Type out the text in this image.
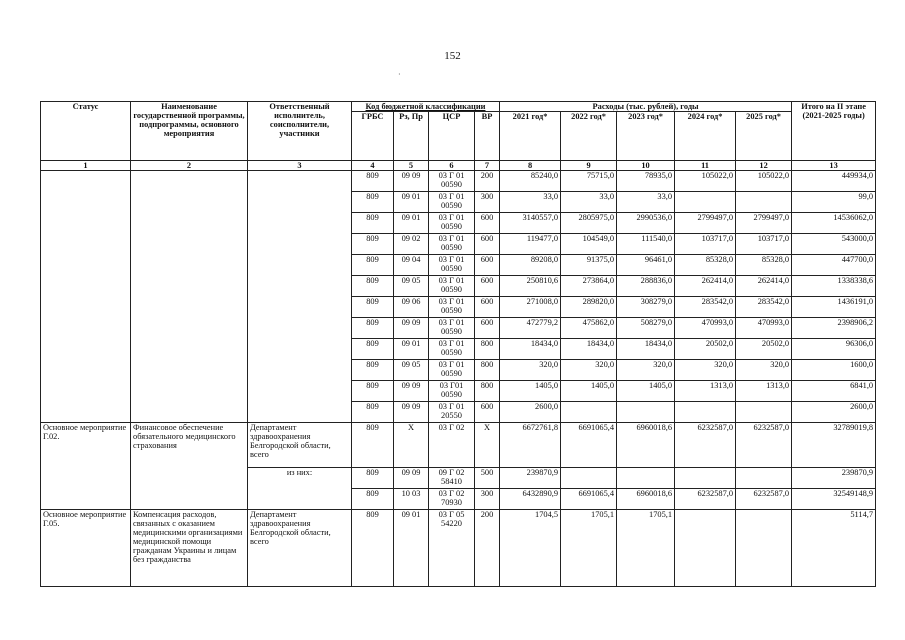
152
·
Статус	Наименование государственной программы, подпрограммы, основного мероприятия	Ответственный исполнитель, соисполнители, участники	Код бюджетной классификации				Расходы (тыс. рублей), годы					Итого на II этапе (2021-2025 годы)
			ГРБС	Рз, Пр	ЦСР	ВР	2021 год*	2022 год*	2023 год*	2024 год*	2025 год*	
1	2	3	4	5	6	7	8	9	10	11	12	13
			809	09 09	03 Г 01 00590	200	85240,0	75715,0	78935,0	105022,0	105022,0	449934,0
			809	09 01	03 Г 01 00590	300	33,0	33,0	33,0			99,0
			809	09 01	03 Г 01 00590	600	3140557,0	2805975,0	2990536,0	2799497,0	2799497,0	14536062,0
			809	09 02	03 Г 01 00590	600	119477,0	104549,0	111540,0	103717,0	103717,0	543000,0
			809	09 04	03 Г 01 00590	600	89208,0	91375,0	96461,0	85328,0	85328,0	447700,0
			809	09 05	03 Г 01 00590	600	250810,6	273864,0	288836,0	262414,0	262414,0	1338338,6
			809	09 06	03 Г 01 00590	600	271008,0	289820,0	308279,0	283542,0	283542,0	1436191,0
			809	09 09	03 Г 01 00590	600	472779,2	475862,0	508279,0	470993,0	470993,0	2398906,2
			809	09 01	03 Г 01 00590	800	18434,0	18434,0	18434,0	20502,0	20502,0	96306,0
			809	09 05	03 Г 01 00590	800	320,0	320,0	320,0	320,0	320,0	1600,0
			809	09 09	03 Г01 00590	800	1405,0	1405,0	1405,0	1313,0	1313,0	6841,0
			809	09 09	03 Г 01 20550	600	2600,0					2600,0
Основное мероприятие Г.02.	Финансовое обеспечение обязательного медицинского страхования	Департамент здравоохранения Белгородской области, всего	809	X	03 Г 02	X	6672761,8	6691065,4	6960018,6	6232587,0	6232587,0	32789019,8
		из них:	809	09 09	09 Г 02 58410	500	239870,9					239870,9
			809	10 03	03 Г 02 70930	300	6432890,9	6691065,4	6960018,6	6232587,0	6232587,0	32549148,9
Основное мероприятие Г.05.	Компенсация расходов, связанных с оказанием медицинскими организациями медицинской помощи гражданам Украины и лицам без гражданства	Департамент здравоохранения Белгородской области, всего	809	09 01	03 Г 05 54220	200	1704,5	1705,1	1705,1			5114,7
